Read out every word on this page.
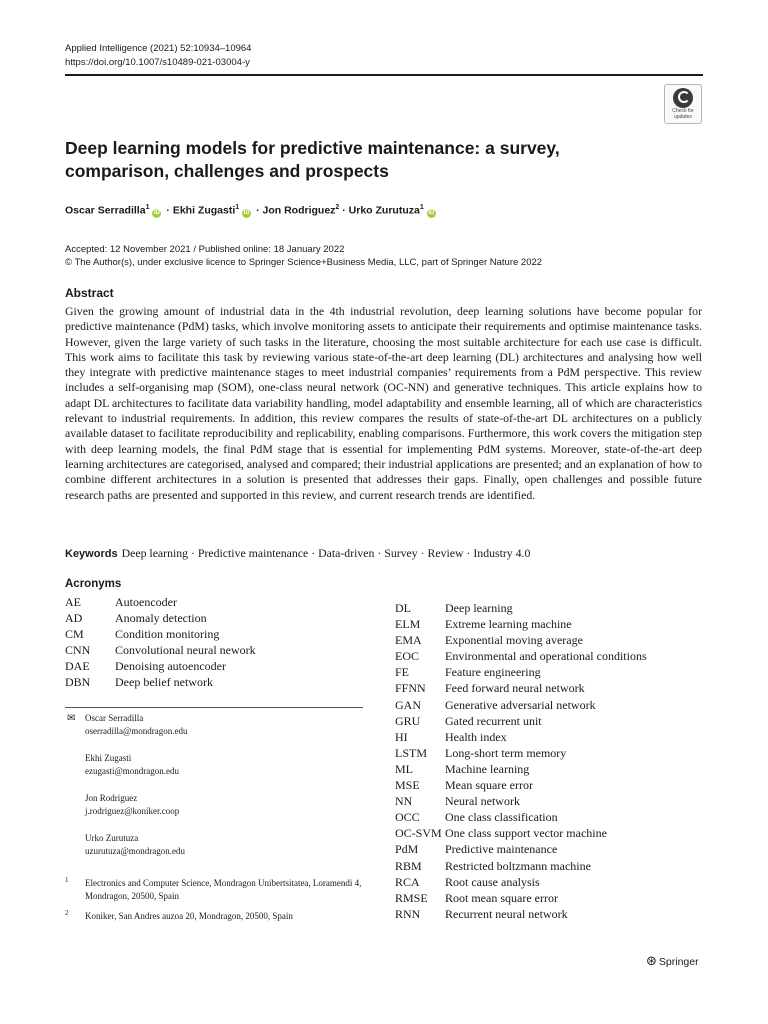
Applied Intelligence (2021) 52:10934–10964
https://doi.org/10.1007/s10489-021-03004-y
Check for
updates
Deep learning models for predictive maintenance: a survey, comparison, challenges and prospects
Oscar Serradilla$^1$iD · Ekhi Zugasti$^1$iD · Jon Rodriguez$^2$ · Urko Zurutuza$^1$iD
Accepted: 12 November 2021 / Published online: 18 January 2022
© The Author(s), under exclusive licence to Springer Science+Business Media, LLC, part of Springer Nature 2022
Abstract

Given the growing amount of industrial data in the 4th industrial revolution, deep learning solutions have become popular for predictive maintenance (PdM) tasks, which involve monitoring assets to anticipate their requirements and optimise maintenance tasks. However, given the large variety of such tasks in the literature, choosing the most suitable architecture for each use case is difficult. This work aims to facilitate this task by reviewing various state-of-the-art deep learning (DL) architectures and analysing how well they integrate with predictive maintenance stages to meet industrial companies’ requirements from a PdM perspective. This review includes a self-organising map (SOM), one-class neural network (OC-NN) and generative techniques. This article explains how to adapt DL architectures to facilitate data variability handling, model adaptability and ensemble learning, all of which are characteristics relevant to industrial requirements. In addition, this review compares the results of state-of-the-art DL architectures on a publicly available dataset to facilitate reproducibility and replicability, enabling comparisons. Furthermore, this work covers the mitigation step with deep learning models, the final PdM stage that is essential for implementing PdM systems. Moreover, state-of-the-art deep learning architectures are categorised, analysed and compared; their industrial applications are presented; and an explanation of how to combine different architectures in a solution is presented that addresses their gaps. Finally, open challenges and possible future research paths are presented and supported in this review, and current research trends are identified.

Keywords Deep learning · Predictive maintenance · Data-driven · Survey · Review · Industry 4.0
Acronyms
AE	Autoencoder
AD	Anomaly detection
CM	Condition monitoring
CNN Convolutional neural nework
DAE Denoising autoencoder
DBN Deep belief network
DL	Deep learning
ELM Extreme learning machine
EMA Exponential moving average
EOC Environmental and operational conditions
FE	Feature engineering
FFNN Feed forward neural network
GAN Generative adversarial network
GRU Gated recurrent unit
HI	Health index
LSTM Long-short term memory
ML	Machine learning
MSE Mean square error
NN	Neural network
OCC One class classification
OC-SVM One class support vector machine
PdM Predictive maintenance
RBM Restricted boltzmann machine
RCA Root cause analysis
RMSE Root mean square error
RNN Recurrent neural network
✉ Oscar Serradilla
oserradilla@mondragon.edu
Ekhi Zugasti
ezugasti@mondragon.edu
Jon Rodriguez
j.rodriguez@koniker.coop
Urko Zurutuza
uzurutuza@mondragon.edu
1 Electronics and Computer Science, Mondragon Unibertsitatea, Loramendi 4, Mondragon, 20500, Spain
2 Koniker, San Andres auzoa 20, Mondragon, 20500, Spain
⊛ Springer
